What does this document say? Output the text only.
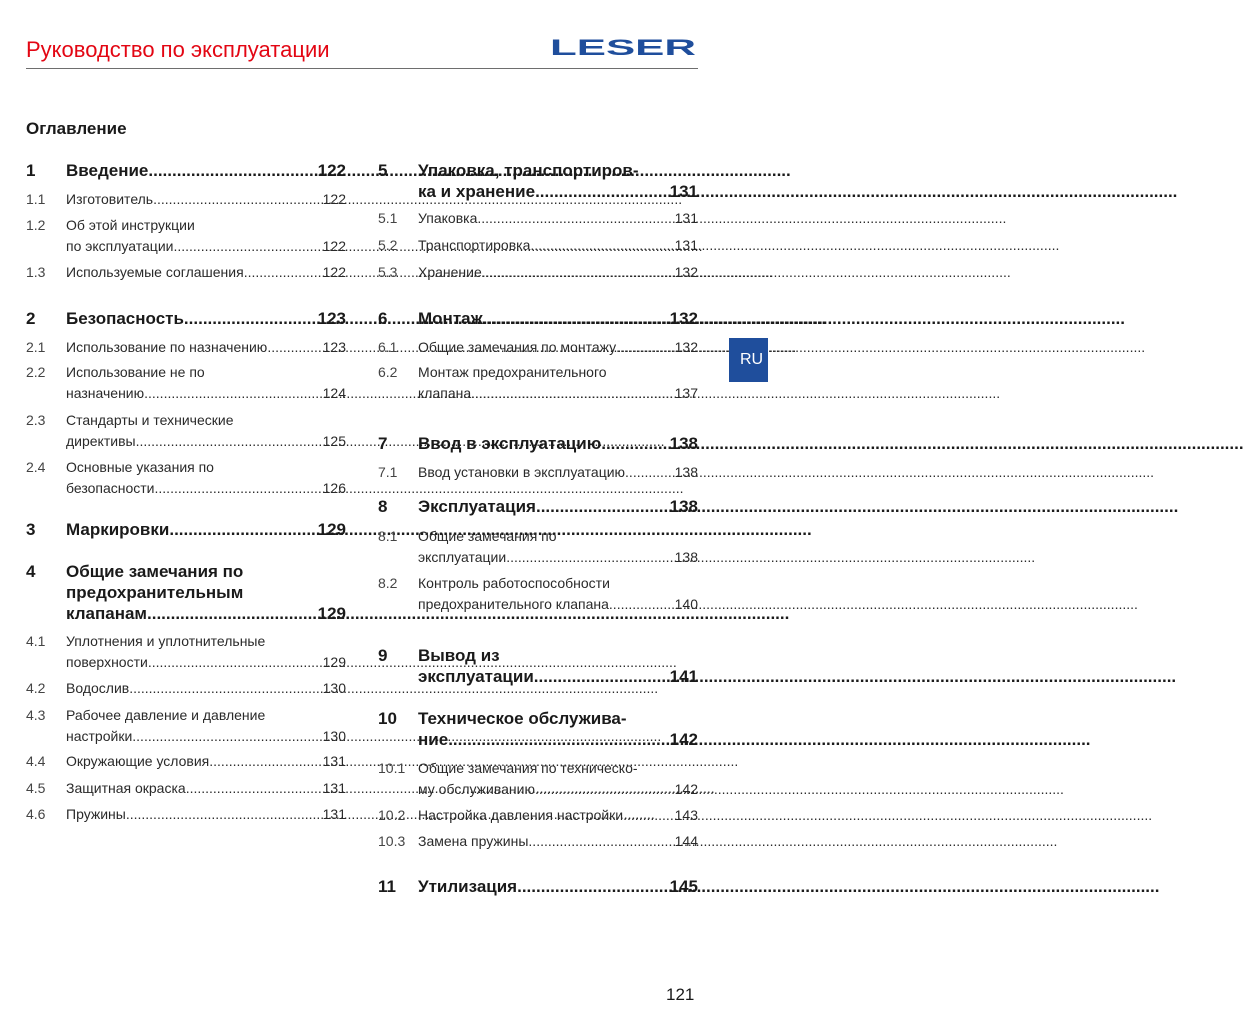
Руководство по эксплуатации	LESER
Оглавление
1 Введение .....	122
1.1 Изготовитель .....	122
1.2 Об этой инструкции
по эксплуатации .....	122
1.3 Используемые соглашения .....	122
2 Безопасность .....	123
2.1 Использование по назначению .....	123
2.2 Использование не по
назначению .....	124
2.3 Стандарты и технические
директивы .....	125
2.4 Основные указания по
безопасности .....	126
3 Маркировки .....	129
4 Общие замечания по
предохранительным
клапанам .....	129
4.1 Уплотнения и уплотнительные
поверхности .....	129
4.2 Водослив .....	130
4.3 Рабочее давление и давление
настройки .....	130
4.4 Окружающие условия .....	131
4.5 Защитная окраска .....	131
4.6 Пружины .....	131
5 Упаковка, транспортиров-
ка и хранение .....	131
5.1 Упаковка .....	131
5.2 Транспортировка .....	131
5.3 Хранение .....	132
6 Монтаж .....	132
6.1 Общие замечания по монтажу .....	132
6.2 Монтаж предохранительного
клапана .....	137
7 Ввод в эксплуатацию .....	138
7.1 Ввод установки в эксплуатацию .....	138
8 Эксплуатация .....	138
8.1 Общие замечания по
эксплуатации .....	138
8.2 Контроль работоспособности
предохранительного клапана .....	140
9 Вывод из
эксплуатации .....	141
10 Техническое обслужива-
ние .....	142
10.1 Общие замечания по техническо-
му обслуживанию .....	142
10.2 Настройка давления настройки .....	143
10.3 Замена пружины .....	144
11 Утилизация .....	145
RU
121
